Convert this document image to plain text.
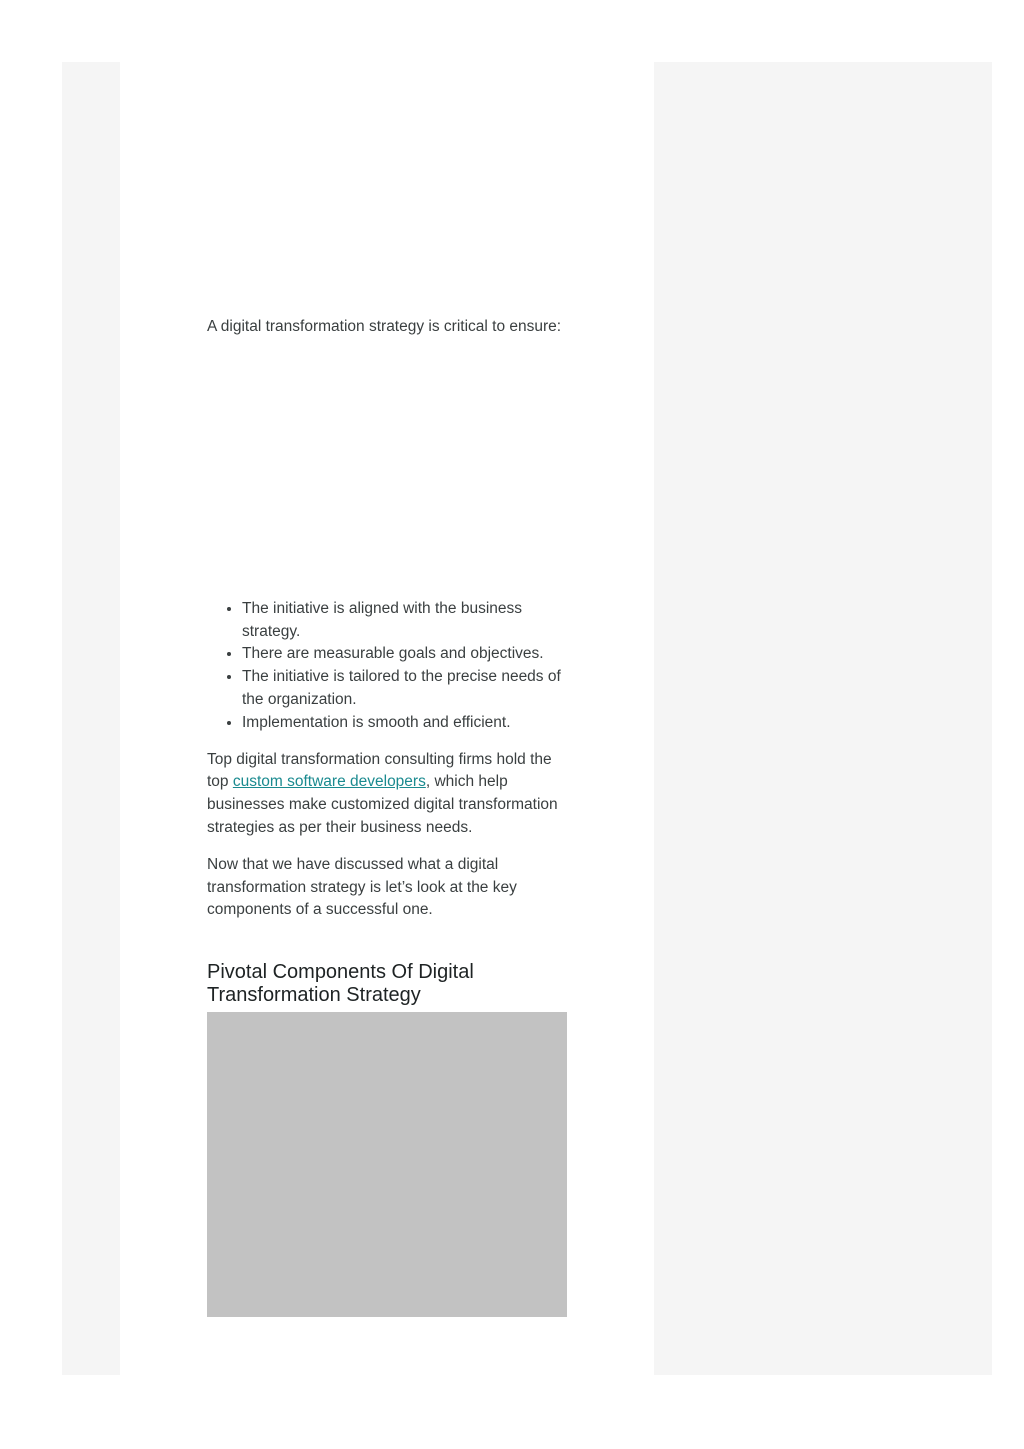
A digital transformation strategy is critical to ensure:

• The initiative is aligned with the business strategy.
• There are measurable goals and objectives.
• The initiative is tailored to the precise needs of the organization.
• Implementation is smooth and efficient.

Top digital transformation consulting firms hold the top custom software developers, which help businesses make customized digital transformation strategies as per their business needs.

Now that we have discussed what a digital transformation strategy is let’s look at the key components of a successful one.

Pivotal Components Of Digital Transformation Strategy
